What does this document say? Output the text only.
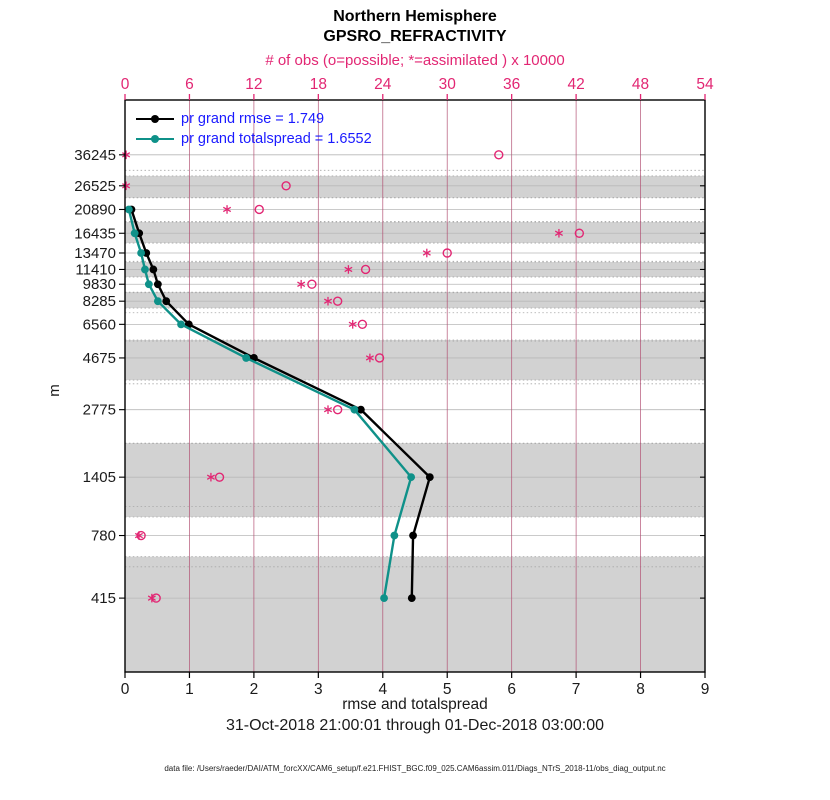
Northern Hemisphere
GPSRO_REFRACTIVITY
# of obs (o=possible; *=assimilated ) x 10000
0	1	2	3	4	5	6	7	8	9
0	6	12	18	24	30	36	42	48	54
415
780
1405
2775
4675
6560
8285
9830
11410
13470
16435
20890
26525
36245
pr grand rmse = 1.749
pr grand totalspread = 1.6552
m
rmse and totalspread
31-Oct-2018 21:00:01 through 01-Dec-2018 03:00:00
data file: /Users/raeder/DAI/ATM_forcXX/CAM6_setup/f.e21.FHIST_BGC.f09_025.CAM6assim.011/Diags_NTrS_2018-11/obs_diag_output.nc
